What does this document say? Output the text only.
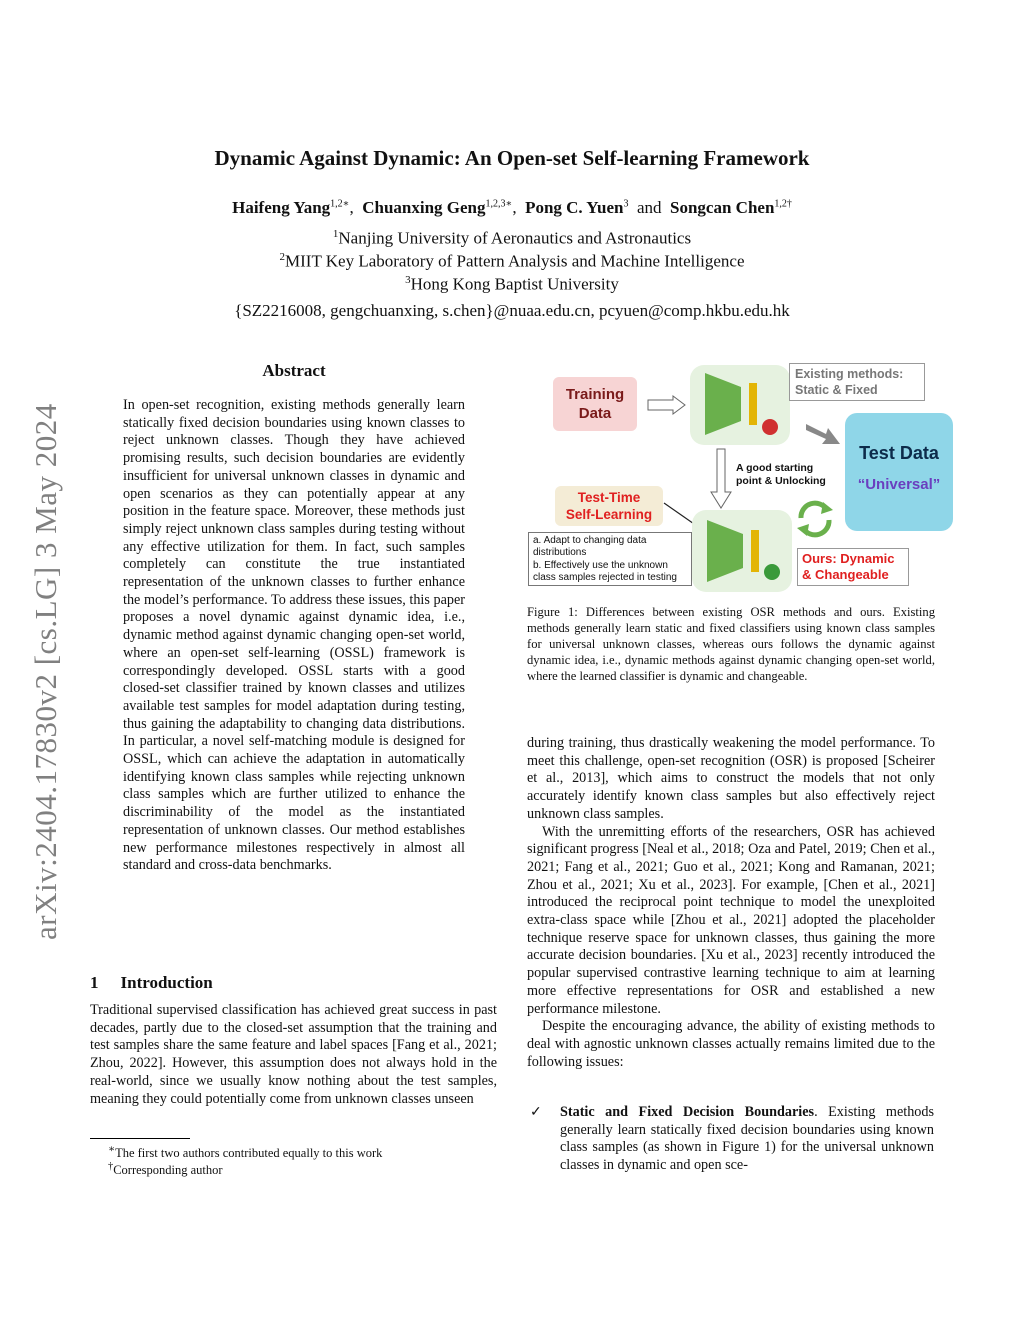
arXiv:2404.17830v2 [cs.LG] 3 May 2024
Dynamic Against Dynamic: An Open-set Self-learning Framework
Haifeng Yang$^{1,2∗}$,  Chuanxing Geng$^{1,2,3∗}$,  Pong C. Yuen$^3$ and Songcan Chen$^{1,2\dagger}$
$^1$Nanjing University of Aeronautics and Astronautics
$^2$MIIT Key Laboratory of Pattern Analysis and Machine Intelligence
$^3$Hong Kong Baptist University
{SZ2216008, gengchuanxing, s.chen}@nuaa.edu.cn, pcyuen@comp.hkbu.edu.hk
Abstract
In open-set recognition, existing methods generally learn statically fixed decision boundaries using known classes to reject unknown classes. Though they have achieved promising results, such decision boundaries are evidently insufficient for universal unknown classes in dynamic and open scenarios as they can potentially appear at any position in the feature space. Moreover, these methods just simply reject unknown class samples during testing without any effective utilization for them. In fact, such samples completely can constitute the true instantiated representation of the unknown classes to further enhance the model’s performance. To address these issues, this paper proposes a novel dynamic against dynamic idea, i.e., dynamic method against dynamic changing open-set world, where an open-set self-learning (OSSL) framework is correspondingly developed. OSSL starts with a good closed-set classifier trained by known classes and utilizes available test samples for model adaptation during testing, thus gaining the adaptability to changing data distributions. In particular, a novel self-matching module is designed for OSSL, which can achieve the adaptation in automatically identifying known class samples while rejecting unknown class samples which are further utilized to enhance the discriminability of the model as the instantiated representation of unknown classes. Our method establishes new performance milestones respectively in almost all standard and cross-data benchmarks.
1 Introduction
Traditional supervised classification has achieved great success in past decades, partly due to the closed-set assumption that the training and test samples share the same feature and label spaces [Fang et al., 2021; Zhou, 2022]. However, this assumption does not always hold in the real-world, since we usually know nothing about the test samples, meaning they could potentially come from unknown classes unseen
∗The first two authors contributed equally to this work
†Corresponding author
Training Data
Existing methods:
Static & Fixed
Test Data
“Universal”
A good starting
point & Unlocking
Test-Time
Self-Learning
a. Adapt to changing data
distributions
b. Effectively use the unknown
class samples rejected in testing
Ours: Dynamic
& Changeable
Figure 1: Differences between existing OSR methods and ours. Existing methods generally learn static and fixed classifiers using known class samples for universal unknown classes, whereas ours follows the dynamic against dynamic idea, i.e., dynamic methods against dynamic changing open-set world, where the learned classifier is dynamic and changeable.

during training, thus drastically weakening the model performance. To meet this challenge, open-set recognition (OSR) is proposed [Scheirer et al., 2013], which aims to construct the models that not only accurately identify known class samples but also effectively reject unknown class samples.

With the unremitting efforts of the researchers, OSR has achieved significant progress [Neal et al., 2018; Oza and Patel, 2019; Chen et al., 2021; Fang et al., 2021; Guo et al., 2021; Kong and Ramanan, 2021; Zhou et al., 2021; Xu et al., 2023]. For example, [Chen et al., 2021] introduced the reciprocal point technique to model the unexploited extra-class space while [Zhou et al., 2021] adopted the placeholder technique reserve space for unknown classes, thus gaining the more accurate decision boundaries. [Xu et al., 2023] recently introduced the popular supervised contrastive learning technique to aim at learning more effective representations for OSR and established a new performance milestone.

Despite the encouraging advance, the ability of existing methods to deal with agnostic unknown classes actually remains limited due to the following issues:

✓ Static and Fixed Decision Boundaries. Existing methods generally learn statically fixed decision boundaries using known class samples (as shown in Figure 1) for the universal unknown classes in dynamic and open sce-
